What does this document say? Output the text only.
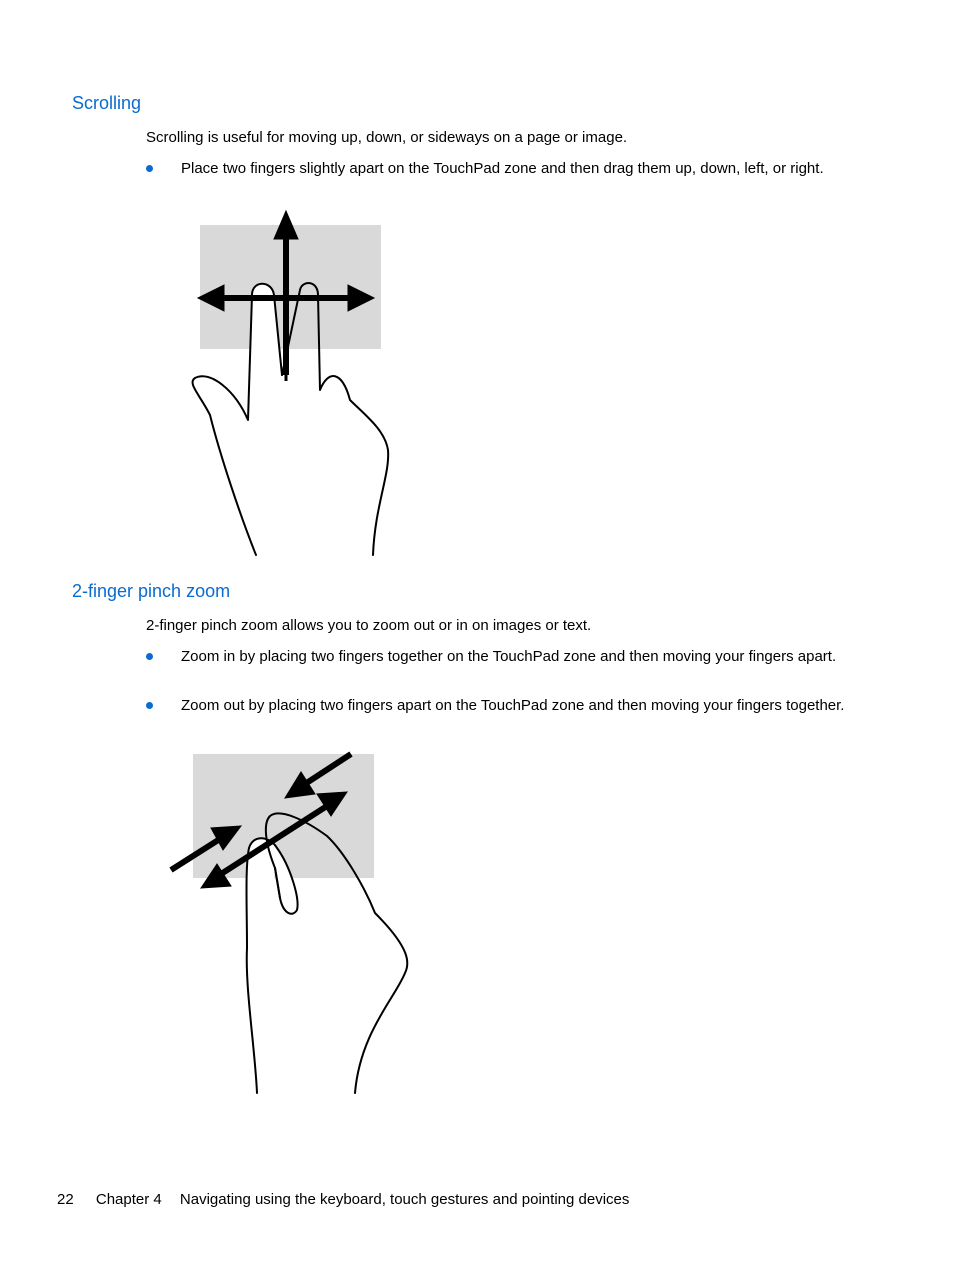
Scrolling

Scrolling is useful for moving up, down, or sideways on a page or image.

Place two fingers slightly apart on the TouchPad zone and then drag them up, down, left, or right.
2-finger pinch zoom

2-finger pinch zoom allows you to zoom out or in on images or text.

Zoom in by placing two fingers together on the TouchPad zone and then moving your fingers apart.
Zoom out by placing two fingers apart on the TouchPad zone and then moving your fingers together.
22 Chapter 4 Navigating using the keyboard, touch gestures and pointing devices
